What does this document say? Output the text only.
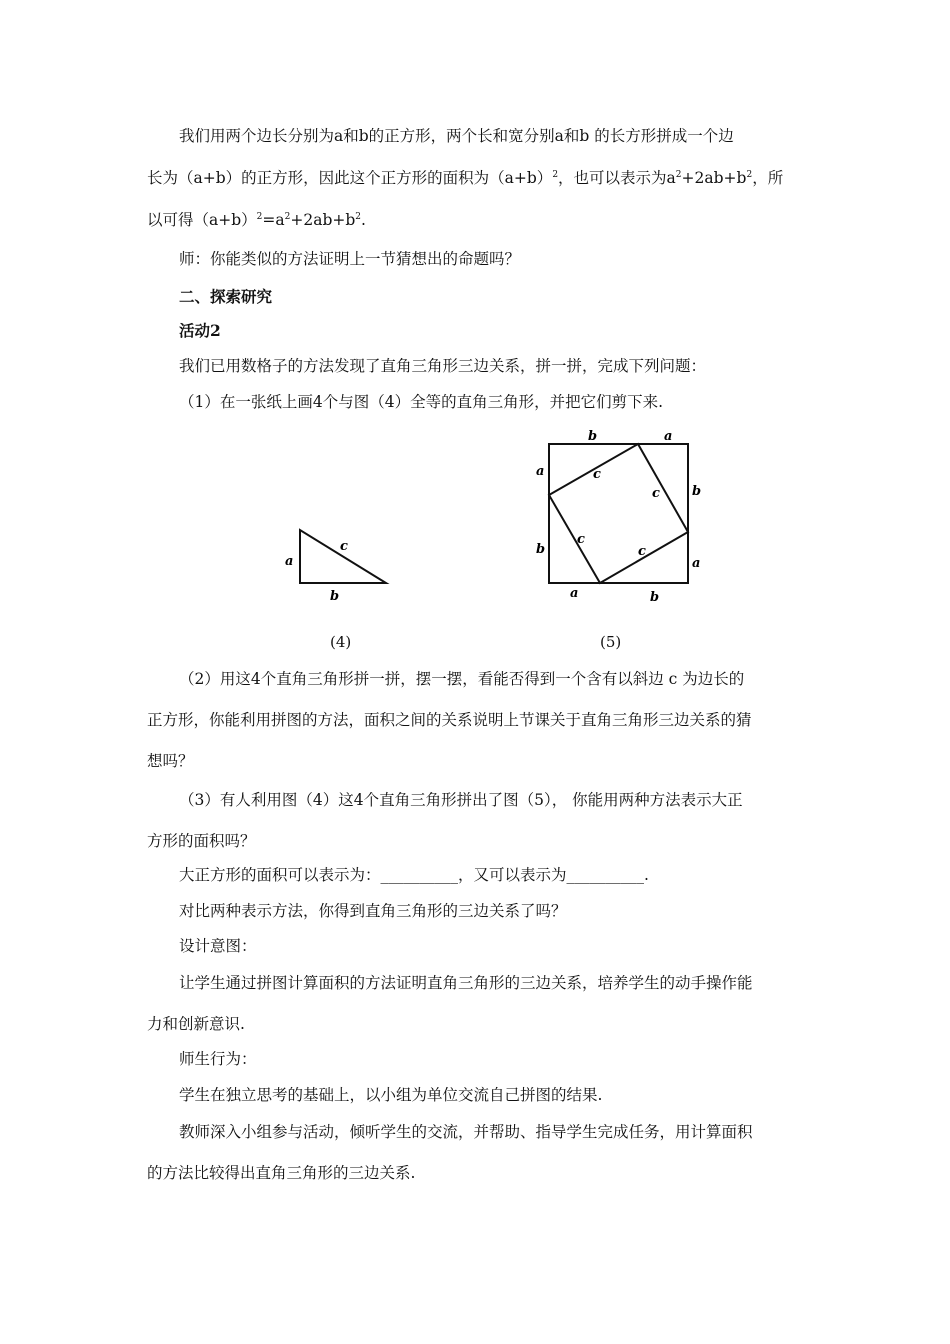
我们用两个边长分别为a和b的正方形，两个长和宽分别a和b 的长方形拼成一个边
长为（a+b）的正方形，因此这个正方形的面积为$(a+b)^2$，也可以表示为$a^2+2ab+b^2$，所
以可得$(a+b)^2=a^2+2ab+b^2$.
师：你能类似的方法证明上一节猜想出的命题吗？
二、探索研究
活动2
我们已用数格子的方法发现了直角三角形三边关系，拼一拼，完成下列问题：
（1）在一张纸上画4个与图（4）全等的直角三角形，并把它们剪下来.
a
c
b
(4)
b	a
a
b
b
a
a	b
c
c
c
c
(5)
（2）用这4个直角三角形拼一拼，摆一摆，看能否得到一个含有以斜边 c 为边长的
正方形，你能利用拼图的方法，面积之间的关系说明上节课关于直角三角形三边关系的猜
想吗？
（3）有人利用图（4）这4个直角三角形拼出了图（5）， 你能用两种方法表示大正
方形的面积吗？
大正方形的面积可以表示为：__________，又可以表示为__________.
对比两种表示方法，你得到直角三角形的三边关系了吗？
设计意图：
让学生通过拼图计算面积的方法证明直角三角形的三边关系，培养学生的动手操作能
力和创新意识.
师生行为：
学生在独立思考的基础上，以小组为单位交流自己拼图的结果.
教师深入小组参与活动，倾听学生的交流，并帮助、指导学生完成任务，用计算面积
的方法比较得出直角三角形的三边关系.
